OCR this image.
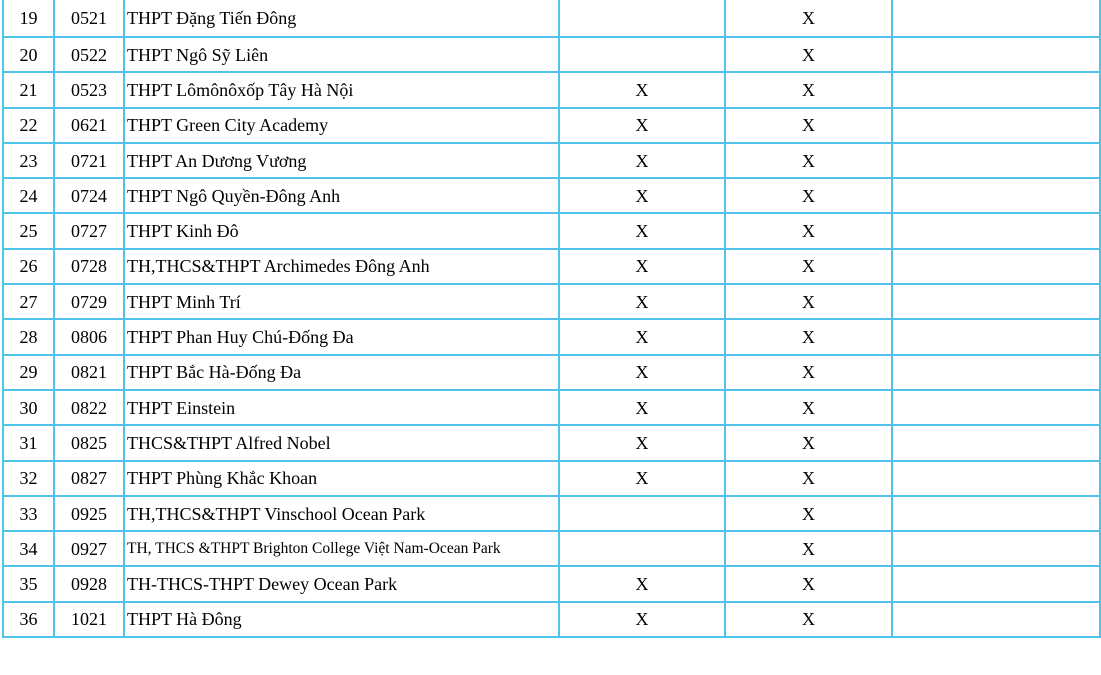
19	0521	THPT Đặng Tiến Đông		X	
20	0522	THPT Ngô Sỹ Liên		X	
21	0523	THPT Lômônôxốp Tây Hà Nội	X	X	
22	0621	THPT Green City Academy	X	X	
23	0721	THPT An Dương Vương	X	X	
24	0724	THPT Ngô Quyền-Đông Anh	X	X	
25	0727	THPT Kinh Đô	X	X	
26	0728	TH,THCS&THPT Archimedes Đông Anh	X	X	
27	0729	THPT Minh Trí	X	X	
28	0806	THPT Phan Huy Chú-Đống Đa	X	X	
29	0821	THPT Bắc Hà-Đống Đa	X	X	
30	0822	THPT Einstein	X	X	
31	0825	THCS&THPT Alfred Nobel	X	X	
32	0827	THPT Phùng Khắc Khoan	X	X	
33	0925	TH,THCS&THPT Vinschool Ocean Park		X	
34	0927	TH, THCS &THPT Brighton College Việt Nam-Ocean Park		X	
35	0928	TH-THCS-THPT Dewey Ocean Park	X	X	
36	1021	THPT Hà Đông	X	X	
